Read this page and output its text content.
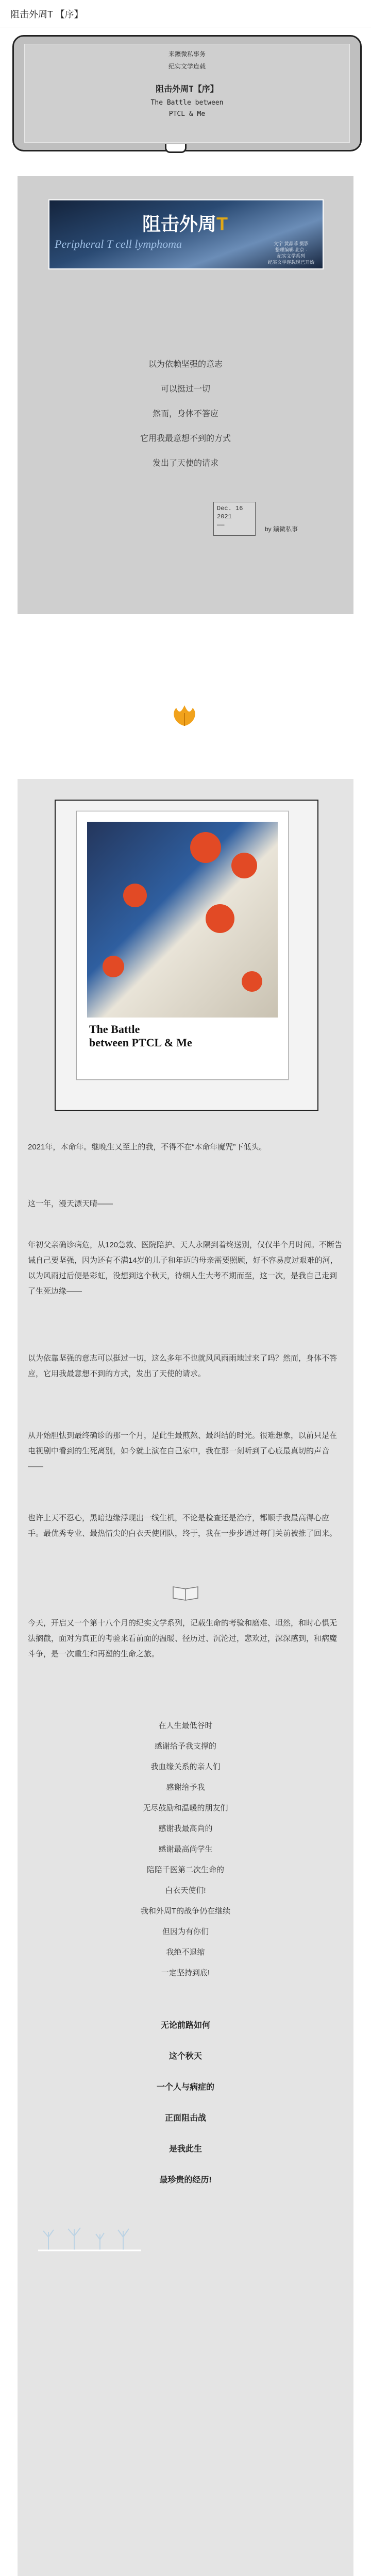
阻击外周T 【序】
来鑛微私事务
纪实文学连载
阻击外周T【序】
The Battle between
PTCL & Me
阻击外周T
Peripheral T cell lymphoma	文字 黄晶菲 摄影
整理编辑 北京 ·
纪实文学系列
纪实文学连载现已开始
以为依赖坚强的意志
可以挺过一切
然而，身体不答应
它用我最意想不到的方式
发出了天使的请求
Dec. 16
2021
——
by 鑛微私事
The Battle
between PTCL & Me
2021年，本命年。继晚生又至上的我，不得不在“本命年魔咒”下低头。
这一年，漫天漂天晴——
年初父亲确诊病危，从120急救、医院陪护、天人永隔到着终送别，仅仅半个月时间。不断告诫自己要坚强，因为还有不满14岁的儿子和年迈的母亲需要照顾，好不容易度过艰难的河，以为风雨过后便是彩虹，没想到这个秋天，待细人生大考不期而至，这一次，是我自己走到了生死边缘——
以为依靠坚强的意志可以挺过一切，这么多年不也就风风雨雨地过来了吗？然而，身体不答应，它用我最意想不到的方式，发出了天使的请求。
从开始胆怯到最终确诊的那一个月，是此生最煎熬、最纠结的时光。很难想象，以前只是在电视剧中看到的生死离别，如今就上演在自己家中，我在那一刻听到了心底最真切的声音——
也许上天不忍心，黑暗边缘浮现出一线生机，不论是检查还是治疗，都顺手我最高得心应手。最优秀专业、最热情尖的白衣天使团队，终于，我在一步步通过每门关前被推了回来。
今天，开启又一个第十八个月的纪实文学系列，记载生命的考验和磨难、坦然，和时心惧无法搁截，面对为真正的考验来看前面的温暖、径历过、沉沦过，悲欢过，深深感到，和病魔斗争，是一次重生和再塑的生命之旅。
在人生最低谷时
感谢给予我支撑的
我血缘关系的亲人们
感谢给予我
无尽鼓励和温暖的朋友们
感谢我最高尚的
感谢最高尚学生
陪陪千医第二次生命的
白衣天使们!
我和外周T的战争仍在继续
但因为有你们
我绝不退缩
一定坚持到底!
无论前路如何
这个秋天
一个人与病症的
正面阻击战
是我此生
最珍贵的经历!
